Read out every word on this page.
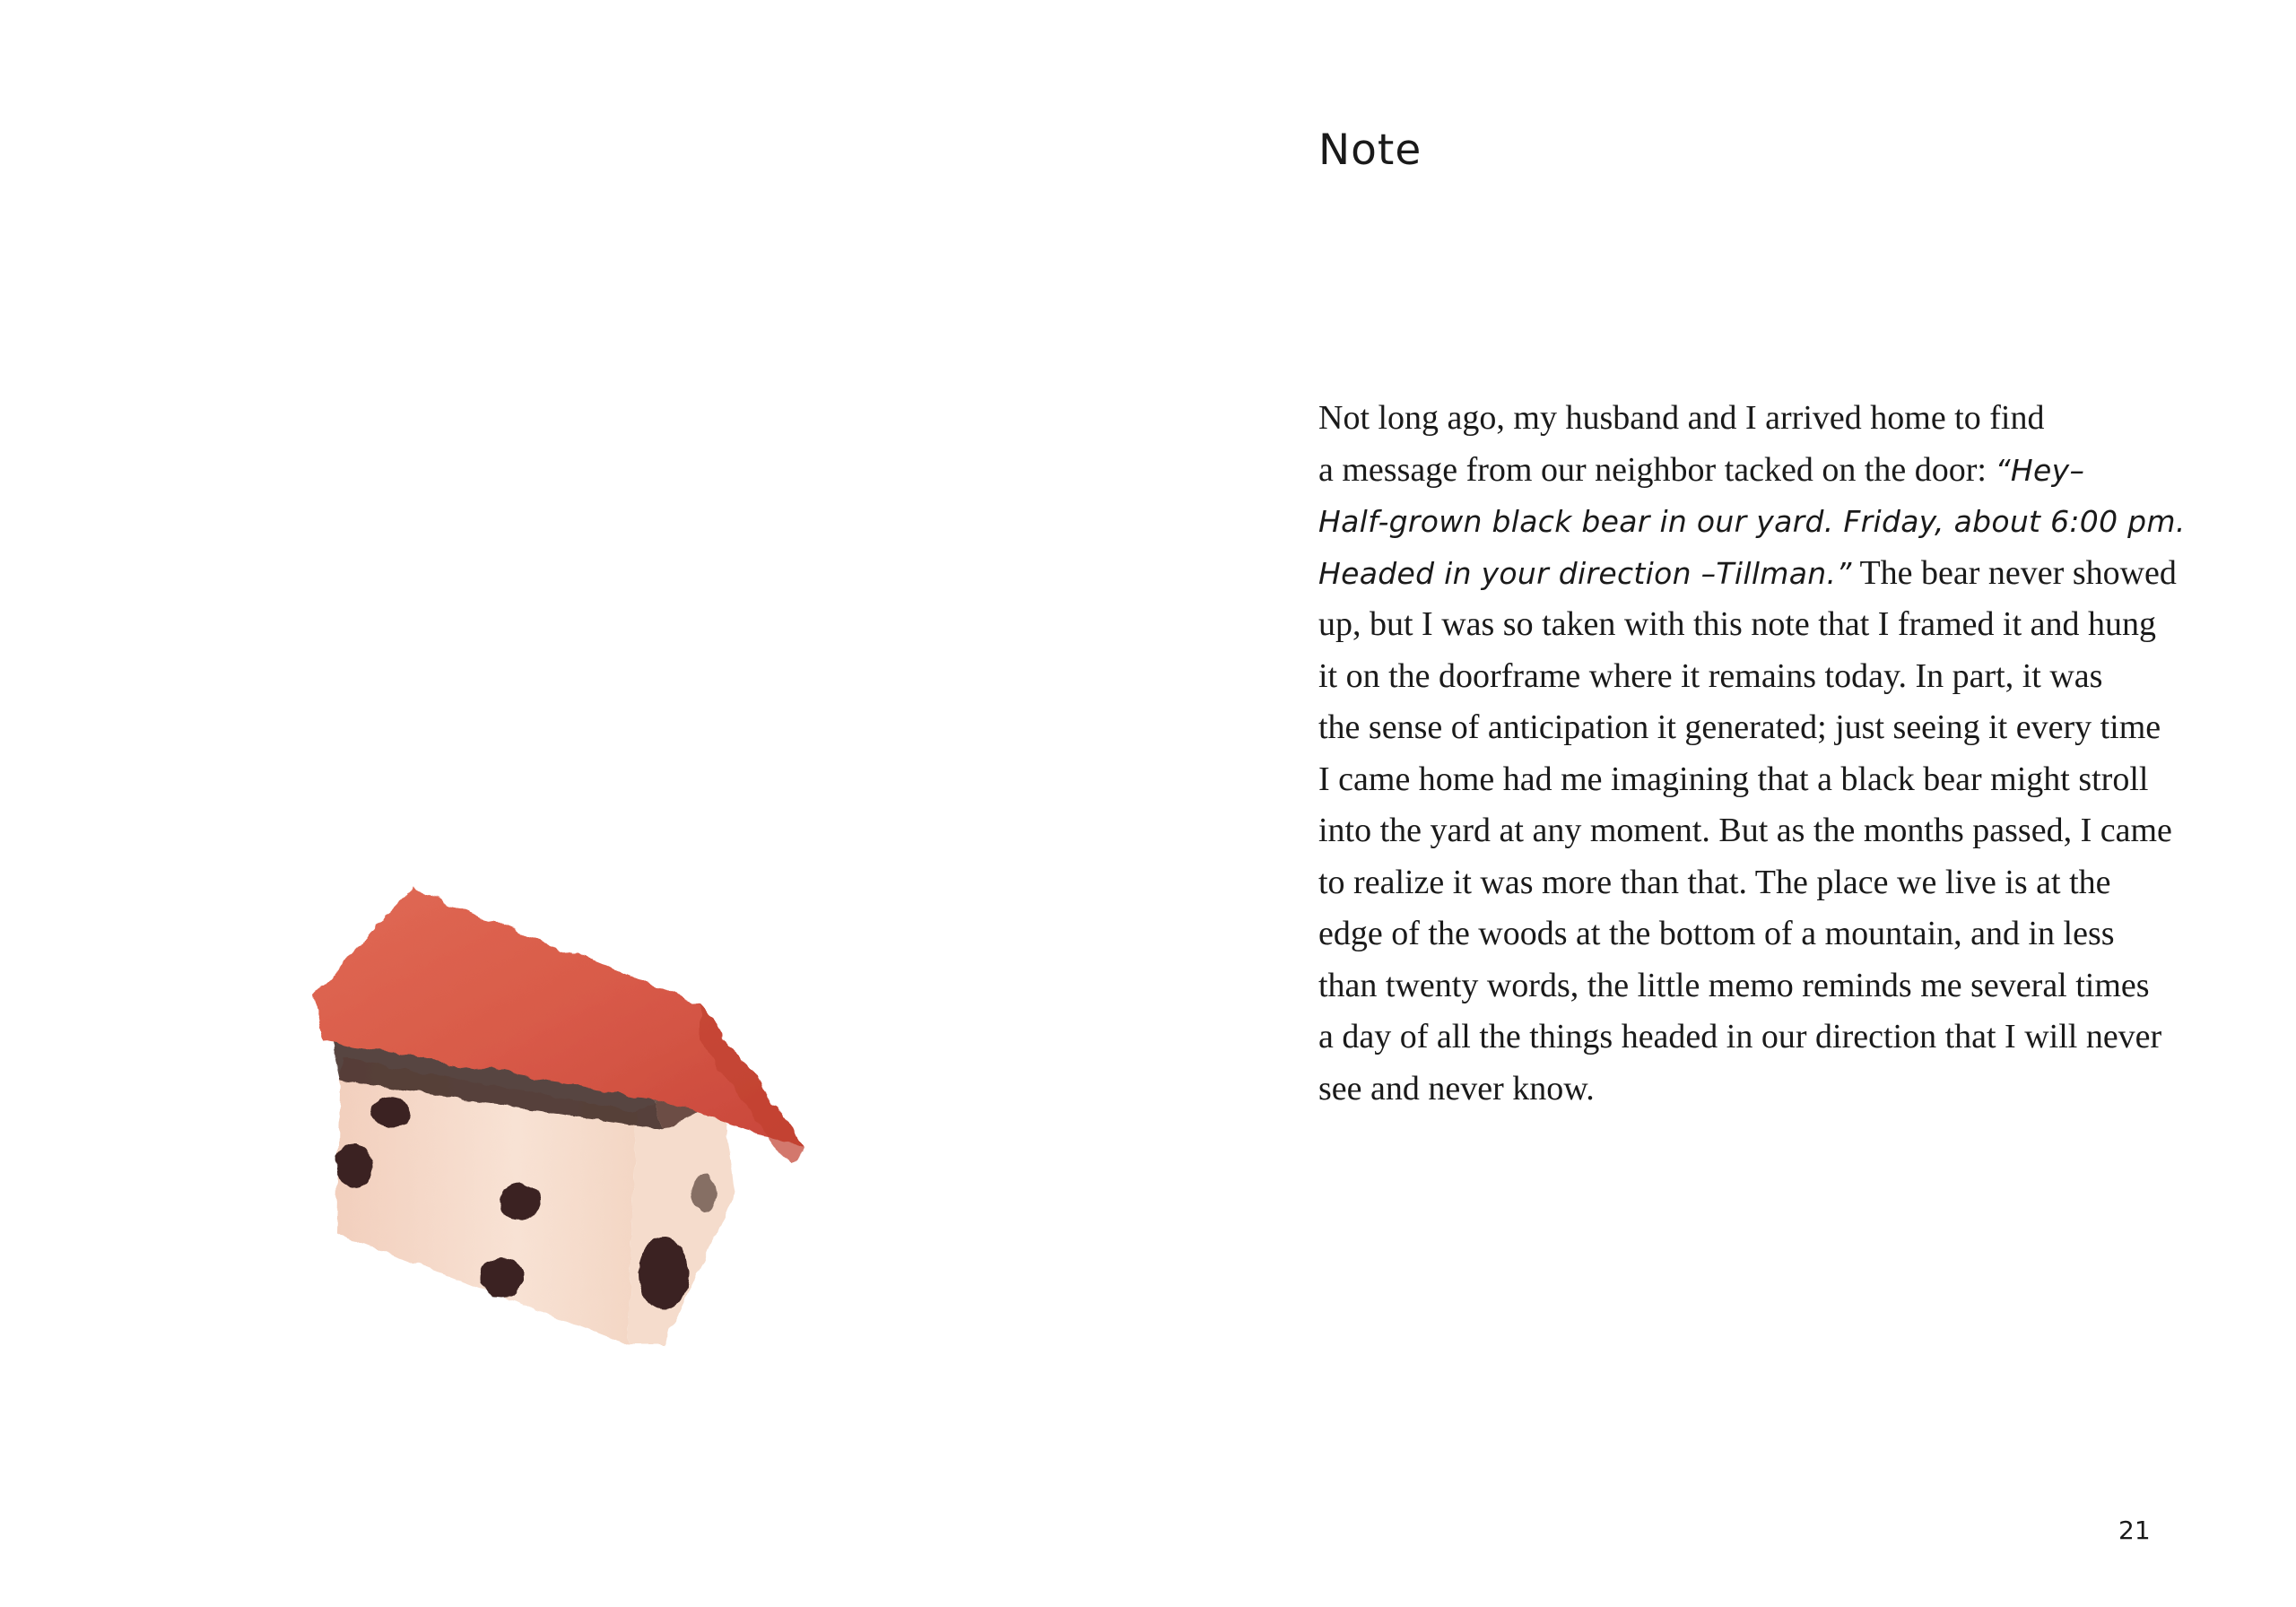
Note
Not long ago, my husband and I arrived home to find
a message from our neighbor tacked on the door: “Hey–
Half-grown black bear in our yard. Friday, about 6:00 pm.
Headed in your direction –Tillman.” The bear never showed
up, but I was so taken with this note that I framed it and hung
it on the doorframe where it remains today. In part, it was
the sense of anticipation it generated; just seeing it every time
I came home had me imagining that a black bear might stroll
into the yard at any moment. But as the months passed, I came
to realize it was more than that. The place we live is at the
edge of the woods at the bottom of a mountain, and in less
than twenty words, the little memo reminds me several times
a day of all the things headed in our direction that I will never
see and never know.
21
